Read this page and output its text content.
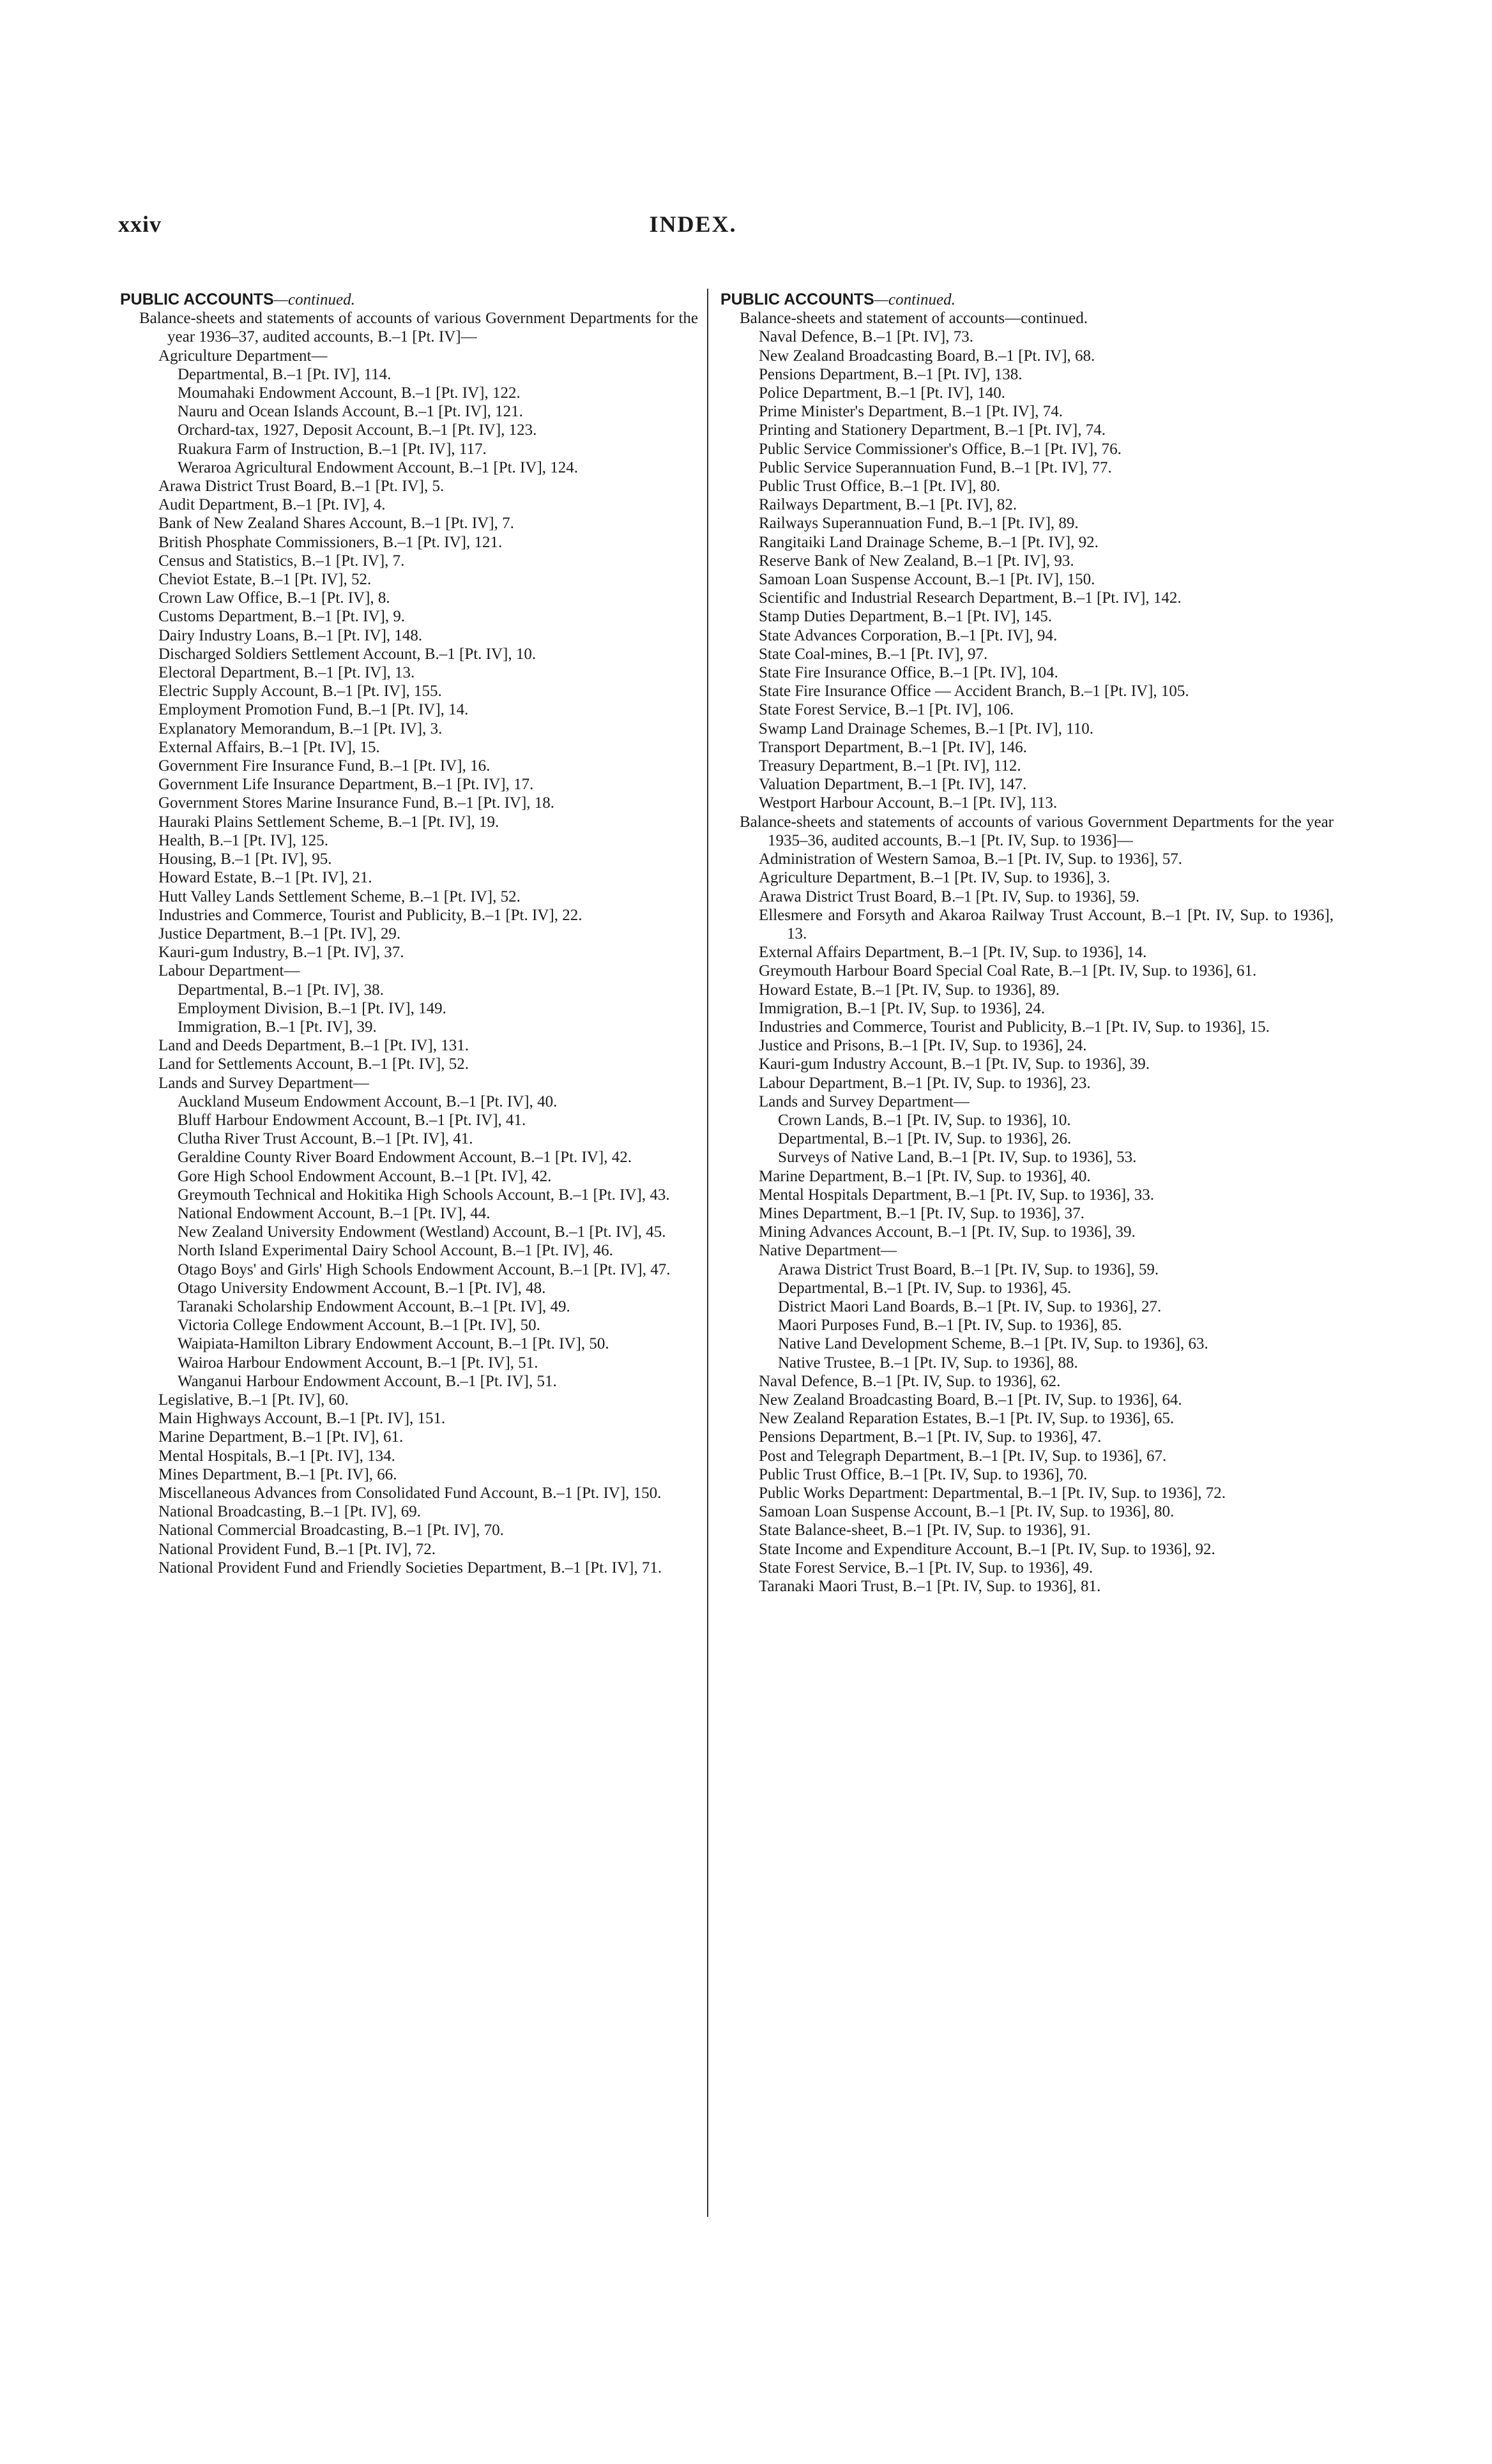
INDEX.
xxiv
PUBLIC ACCOUNTS—continued.
Balance-sheets and statements of accounts of various Government Departments for the year 1936–37, audited accounts, B.–1 [Pt. IV]—
Agriculture Department—
Departmental, B.–1 [Pt. IV], 114.
Moumahaki Endowment Account, B.–1 [Pt. IV], 122.
Nauru and Ocean Islands Account, B.–1 [Pt. IV], 121.
Orchard-tax, 1927, Deposit Account, B.–1 [Pt. IV], 123.
Ruakura Farm of Instruction, B.–1 [Pt. IV], 117.
Weraroa Agricultural Endowment Account, B.–1 [Pt. IV], 124.
Arawa District Trust Board, B.–1 [Pt. IV], 5.
Audit Department, B.–1 [Pt. IV], 4.
Bank of New Zealand Shares Account, B.–1 [Pt. IV], 7.
British Phosphate Commissioners, B.–1 [Pt. IV], 121.
Census and Statistics, B.–1 [Pt. IV], 7.
Cheviot Estate, B.–1 [Pt. IV], 52.
Crown Law Office, B.–1 [Pt. IV], 8.
Customs Department, B.–1 [Pt. IV], 9.
Dairy Industry Loans, B.–1 [Pt. IV], 148.
Discharged Soldiers Settlement Account, B.–1 [Pt. IV], 10.
Electoral Department, B.–1 [Pt. IV], 13.
Electric Supply Account, B.–1 [Pt. IV], 155.
Employment Promotion Fund, B.–1 [Pt. IV], 14.
Explanatory Memorandum, B.–1 [Pt. IV], 3.
External Affairs, B.–1 [Pt. IV], 15.
Government Fire Insurance Fund, B.–1 [Pt. IV], 16.
Government Life Insurance Department, B.–1 [Pt. IV], 17.
Government Stores Marine Insurance Fund, B.–1 [Pt. IV], 18.
Hauraki Plains Settlement Scheme, B.–1 [Pt. IV], 19.
Health, B.–1 [Pt. IV], 125.
Housing, B.–1 [Pt. IV], 95.
Howard Estate, B.–1 [Pt. IV], 21.
Hutt Valley Lands Settlement Scheme, B.–1 [Pt. IV], 52.
Industries and Commerce, Tourist and Publicity, B.–1 [Pt. IV], 22.
Justice Department, B.–1 [Pt. IV], 29.
Kauri-gum Industry, B.–1 [Pt. IV], 37.
Labour Department—
Departmental, B.–1 [Pt. IV], 38.
Employment Division, B.–1 [Pt. IV], 149.
Immigration, B.–1 [Pt. IV], 39.
Land and Deeds Department, B.–1 [Pt. IV], 131.
Land for Settlements Account, B.–1 [Pt. IV], 52.
Lands and Survey Department—
Auckland Museum Endowment Account, B.–1 [Pt. IV], 40.
Bluff Harbour Endowment Account, B.–1 [Pt. IV], 41.
Clutha River Trust Account, B.–1 [Pt. IV], 41.
Geraldine County River Board Endowment Account, B.–1 [Pt. IV], 42.
Gore High School Endowment Account, B.–1 [Pt. IV], 42.
Greymouth Technical and Hokitika High Schools Account, B.–1 [Pt. IV], 43.
National Endowment Account, B.–1 [Pt. IV], 44.
New Zealand University Endowment (Westland) Account, B.–1 [Pt. IV], 45.
North Island Experimental Dairy School Account, B.–1 [Pt. IV], 46.
Otago Boys' and Girls' High Schools Endowment Account, B.–1 [Pt. IV], 47.
Otago University Endowment Account, B.–1 [Pt. IV], 48.
Taranaki Scholarship Endowment Account, B.–1 [Pt. IV], 49.
Victoria College Endowment Account, B.–1 [Pt. IV], 50.
Waipiata-Hamilton Library Endowment Account, B.–1 [Pt. IV], 50.
Wairoa Harbour Endowment Account, B.–1 [Pt. IV], 51.
Wanganui Harbour Endowment Account, B.–1 [Pt. IV], 51.
Legislative, B.–1 [Pt. IV], 60.
Main Highways Account, B.–1 [Pt. IV], 151.
Marine Department, B.–1 [Pt. IV], 61.
Mental Hospitals, B.–1 [Pt. IV], 134.
Mines Department, B.–1 [Pt. IV], 66.
Miscellaneous Advances from Consolidated Fund Account, B.–1 [Pt. IV], 150.
National Broadcasting, B.–1 [Pt. IV], 69.
National Commercial Broadcasting, B.–1 [Pt. IV], 70.
National Provident Fund, B.–1 [Pt. IV], 72.
National Provident Fund and Friendly Societies Department, B.–1 [Pt. IV], 71.
PUBLIC ACCOUNTS—continued.
Balance-sheets and statement of accounts—continued.
Naval Defence, B.–1 [Pt. IV], 73.
New Zealand Broadcasting Board, B.–1 [Pt. IV], 68.
Pensions Department, B.–1 [Pt. IV], 138.
Police Department, B.–1 [Pt. IV], 140.
Prime Minister's Department, B.–1 [Pt. IV], 74.
Printing and Stationery Department, B.–1 [Pt. IV], 74.
Public Service Commissioner's Office, B.–1 [Pt. IV], 76.
Public Service Superannuation Fund, B.–1 [Pt. IV], 77.
Public Trust Office, B.–1 [Pt. IV], 80.
Railways Department, B.–1 [Pt. IV], 82.
Railways Superannuation Fund, B.–1 [Pt. IV], 89.
Rangitaiki Land Drainage Scheme, B.–1 [Pt. IV], 92.
Reserve Bank of New Zealand, B.–1 [Pt. IV], 93.
Samoan Loan Suspense Account, B.–1 [Pt. IV], 150.
Scientific and Industrial Research Department, B.–1 [Pt. IV], 142.
Stamp Duties Department, B.–1 [Pt. IV], 145.
State Advances Corporation, B.–1 [Pt. IV], 94.
State Coal-mines, B.–1 [Pt. IV], 97.
State Fire Insurance Office, B.–1 [Pt. IV], 104.
State Fire Insurance Office — Accident Branch, B.–1 [Pt. IV], 105.
State Forest Service, B.–1 [Pt. IV], 106.
Swamp Land Drainage Schemes, B.–1 [Pt. IV], 110.
Transport Department, B.–1 [Pt. IV], 146.
Treasury Department, B.–1 [Pt. IV], 112.
Valuation Department, B.–1 [Pt. IV], 147.
Westport Harbour Account, B.–1 [Pt. IV], 113.
Balance-sheets and statements of accounts of various Government Departments for the year 1935–36, audited accounts, B.–1 [Pt. IV, Sup. to 1936]—
Administration of Western Samoa, B.–1 [Pt. IV, Sup. to 1936], 57.
Agriculture Department, B.–1 [Pt. IV, Sup. to 1936], 3.
Arawa District Trust Board, B.–1 [Pt. IV, Sup. to 1936], 59.
Ellesmere and Forsyth and Akaroa Railway Trust Account, B.–1 [Pt. IV, Sup. to 1936], 13.
External Affairs Department, B.–1 [Pt. IV, Sup. to 1936], 14.
Greymouth Harbour Board Special Coal Rate, B.–1 [Pt. IV, Sup. to 1936], 61.
Howard Estate, B.–1 [Pt. IV, Sup. to 1936], 89.
Immigration, B.–1 [Pt. IV, Sup. to 1936], 24.
Industries and Commerce, Tourist and Publicity, B.–1 [Pt. IV, Sup. to 1936], 15.
Justice and Prisons, B.–1 [Pt. IV, Sup. to 1936], 24.
Kauri-gum Industry Account, B.–1 [Pt. IV, Sup. to 1936], 39.
Labour Department, B.–1 [Pt. IV, Sup. to 1936], 23.
Lands and Survey Department—
Crown Lands, B.–1 [Pt. IV, Sup. to 1936], 10.
Departmental, B.–1 [Pt. IV, Sup. to 1936], 26.
Surveys of Native Land, B.–1 [Pt. IV, Sup. to 1936], 53.
Marine Department, B.–1 [Pt. IV, Sup. to 1936], 40.
Mental Hospitals Department, B.–1 [Pt. IV, Sup. to 1936], 33.
Mines Department, B.–1 [Pt. IV, Sup. to 1936], 37.
Mining Advances Account, B.–1 [Pt. IV, Sup. to 1936], 39.
Native Department—
Arawa District Trust Board, B.–1 [Pt. IV, Sup. to 1936], 59.
Departmental, B.–1 [Pt. IV, Sup. to 1936], 45.
District Maori Land Boards, B.–1 [Pt. IV, Sup. to 1936], 27.
Maori Purposes Fund, B.–1 [Pt. IV, Sup. to 1936], 85.
Native Land Development Scheme, B.–1 [Pt. IV, Sup. to 1936], 63.
Native Trustee, B.–1 [Pt. IV, Sup. to 1936], 88.
Naval Defence, B.–1 [Pt. IV, Sup. to 1936], 62.
New Zealand Broadcasting Board, B.–1 [Pt. IV, Sup. to 1936], 64.
New Zealand Reparation Estates, B.–1 [Pt. IV, Sup. to 1936], 65.
Pensions Department, B.–1 [Pt. IV, Sup. to 1936], 47.
Post and Telegraph Department, B.–1 [Pt. IV, Sup. to 1936], 67.
Public Trust Office, B.–1 [Pt. IV, Sup. to 1936], 70.
Public Works Department: Departmental, B.–1 [Pt. IV, Sup. to 1936], 72.
Samoan Loan Suspense Account, B.–1 [Pt. IV, Sup. to 1936], 80.
State Balance-sheet, B.–1 [Pt. IV, Sup. to 1936], 91.
State Income and Expenditure Account, B.–1 [Pt. IV, Sup. to 1936], 92.
State Forest Service, B.–1 [Pt. IV, Sup. to 1936], 49.
Taranaki Maori Trust, B.–1 [Pt. IV, Sup. to 1936], 81.
